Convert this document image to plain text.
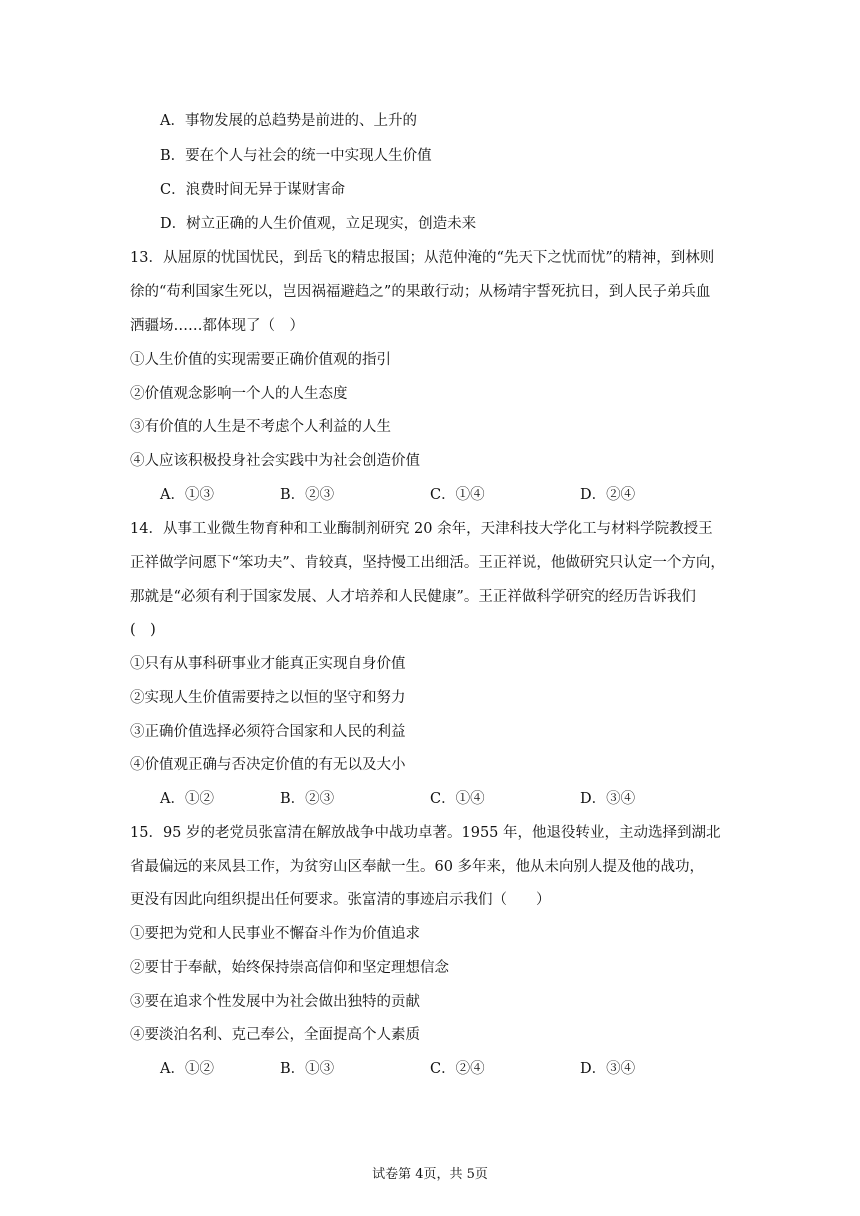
A．事物发展的总趋势是前进的、上升的
B．要在个人与社会的统一中实现人生价值
C．浪费时间无异于谋财害命
D．树立正确的人生价值观，立足现实，创造未来
13．从屈原的忧国忧民，到岳飞的精忠报国；从范仲淹的“先天下之忧而忧”的精神，到林则
徐的“苟利国家生死以，岂因祸福避趋之”的果敢行动；从杨靖宇誓死抗日，到人民子弟兵血
洒疆场……都体现了（　）
①人生价值的实现需要正确价值观的指引
②价值观念影响一个人的人生态度
③有价值的人生是不考虑个人利益的人生
④人应该积极投身社会实践中为社会创造价值
A．①③	B．②③	C．①④	D．②④
14．从事工业微生物育种和工业酶制剂研究 20 余年，天津科技大学化工与材料学院教授王
正祥做学问愿下“笨功夫”、肯较真，坚持慢工出细活。王正祥说，他做研究只认定一个方向，
那就是“必须有利于国家发展、人才培养和人民健康”。王正祥做科学研究的经历告诉我们
(　)
①只有从事科研事业才能真正实现自身价值
②实现人生价值需要持之以恒的坚守和努力
③正确价值选择必须符合国家和人民的利益
④价值观正确与否决定价值的有无以及大小
A．①②	B．②③	C．①④	D．③④
15．95 岁的老党员张富清在解放战争中战功卓著。1955 年，他退役转业，主动选择到湖北
省最偏远的来凤县工作，为贫穷山区奉献一生。60 多年来，他从未向别人提及他的战功，
更没有因此向组织提出任何要求。张富清的事迹启示我们（　　）
①要把为党和人民事业不懈奋斗作为价值追求
②要甘于奉献，始终保持崇高信仰和坚定理想信念
③要在追求个性发展中为社会做出独特的贡献
④要淡泊名利、克己奉公，全面提高个人素质
A．①②	B．①③	C．②④	D．③④
试卷第 4页，共 5页
